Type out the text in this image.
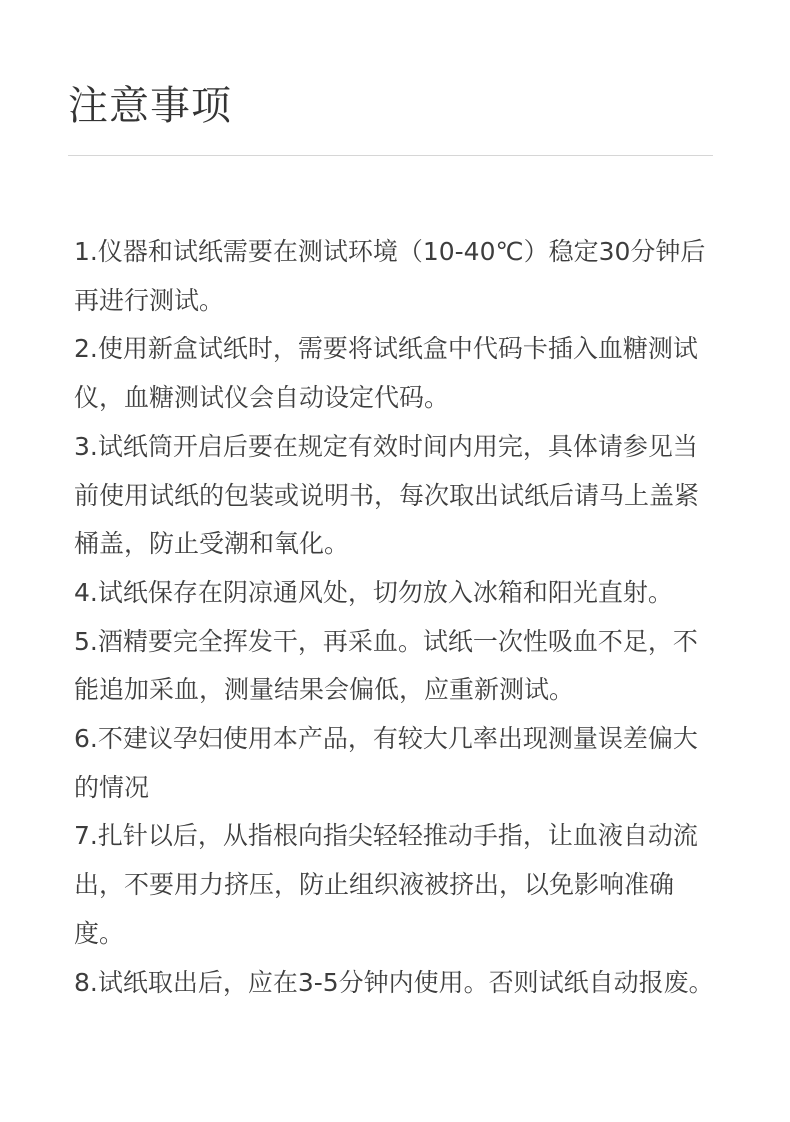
注意事项
1.仪器和试纸需要在测试环境（10-40℃）稳定30分钟后再进行测试。
2.使用新盒试纸时，需要将试纸盒中代码卡插入血糖测试仪，血糖测试仪会自动设定代码。
3.试纸筒开启后要在规定有效时间内用完，具体请参见当前使用试纸的包装或说明书，每次取出试纸后请马上盖紧桶盖，防止受潮和氧化。
4.试纸保存在阴凉通风处，切勿放入冰箱和阳光直射。
5.酒精要完全挥发干，再采血。试纸一次性吸血不足，不能追加采血，测量结果会偏低，应重新测试。
6.不建议孕妇使用本产品，有较大几率出现测量误差偏大的情况
7.扎针以后，从指根向指尖轻轻推动手指，让血液自动流出，不要用力挤压，防止组织液被挤出，以免影响准确度。
8.试纸取出后，应在3-5分钟内使用。否则试纸自动报废。
